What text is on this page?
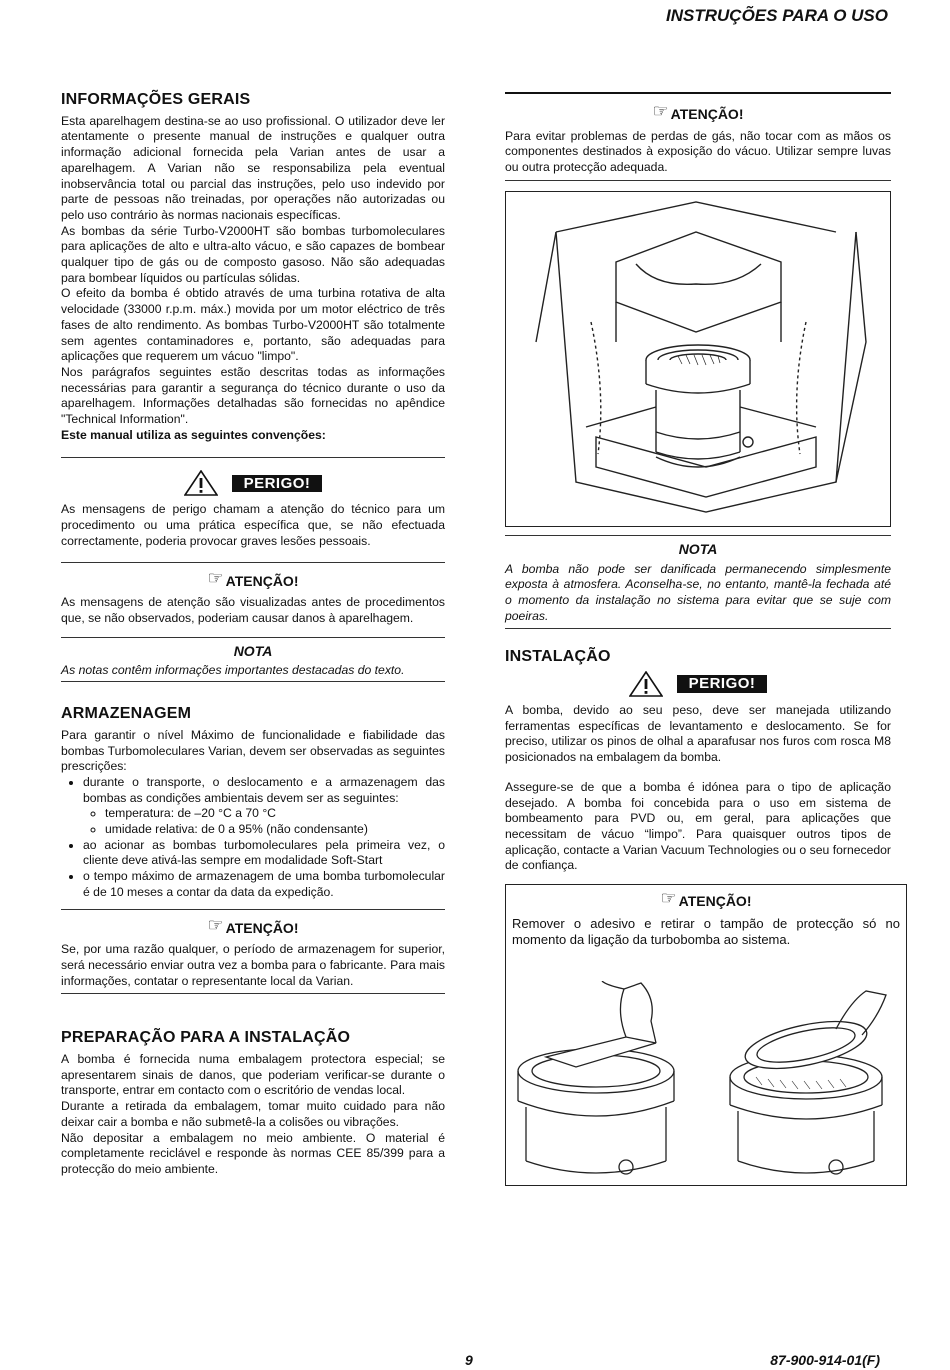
INSTRUÇÕES PARA O USO
INFORMAÇÕES GERAIS

Esta aparelhagem destina-se ao uso profissional. O utilizador deve ler atentamente o presente manual de instruções e qualquer outra informação adicional fornecida pela Varian antes de usar a aparelhagem. A Varian não se responsabiliza pela eventual inobservância total ou parcial das instruções, pelo uso indevido por parte de pessoas não treinadas, por operações não autorizadas ou pelo uso contrário às normas nacionais específicas.

As bombas da série Turbo-V2000HT são bombas turbomoleculares para aplicações de alto e ultra-alto vácuo, e são capazes de bombear qualquer tipo de gás ou de composto gasoso. Não são adequadas para bombear líquidos ou partículas sólidas.

O efeito da bomba é obtido através de uma turbina rotativa de alta velocidade (33000 r.p.m. máx.) movida por um motor eléctrico de três fases de alto rendimento. As bombas Turbo-V2000HT são totalmente sem agentes contaminadores e, portanto, são adequadas para aplicações que requerem um vácuo "limpo".

Nos parágrafos seguintes estão descritas todas as informações necessárias para garantir a segurança do técnico durante o uso da aparelhagem. Informações detalhadas são fornecidas no apêndice "Technical Information".

Este manual utiliza as seguintes convenções:

PERIGO!

As mensagens de perigo chamam a atenção do técnico para um procedimento ou uma prática específica que, se não efectuada correctamente, poderia provocar graves lesões pessoais.

☞ ATENÇÃO!

As mensagens de atenção são visualizadas antes de procedimentos que, se não observados, poderiam causar danos à aparelhagem.

NOTA

As notas contêm informações importantes destacadas do texto.

ARMAZENAGEM

Para garantir o nível Máximo de funcionalidade e fiabilidade das bombas Turbomoleculares Varian, devem ser observadas as seguintes prescrições:

• durante o transporte, o deslocamento e a armazenagem das bombas as condições ambientais devem ser as seguintes:
◦ temperatura: de –20 °C a 70 °C
◦ umidade relativa: de 0 a 95% (não condensante)
• ao acionar as bombas turbomoleculares pela primeira vez, o cliente deve ativá-las sempre em modalidade Soft-Start
• o tempo máximo de armazenagem de uma bomba turbomolecular é de 10 meses a contar da data da expedição.
☞ ATENÇÃO!

Se, por uma razão qualquer, o período de armazenagem for superior, será necessário enviar outra vez a bomba para o fabricante. Para mais informações, contatar o representante local da Varian.

PREPARAÇÃO PARA A INSTALAÇÃO

A bomba é fornecida numa embalagem protectora especial; se apresentarem sinais de danos, que poderiam verificar-se durante o transporte, entrar em contacto com o escritório de vendas local.

Durante a retirada da embalagem, tomar muito cuidado para não deixar cair a bomba e não submetê-la a colisões ou vibrações.

Não depositar a embalagem no meio ambiente. O material é completamente reciclável e responde às normas CEE 85/399 para a protecção do meio ambiente.

☞ ATENÇÃO!

Para evitar problemas de perdas de gás, não tocar com as mãos os componentes destinados à exposição do vácuo. Utilizar sempre luvas ou outra protecção adequada.

NOTA

A bomba não pode ser danificada permanecendo simplesmente exposta à atmosfera. Aconselha-se, no entanto, mantê-la fechada até o momento da instalação no sistema para evitar que se suje com poeiras.

INSTALAÇÃO
PERIGO!

A bomba, devido ao seu peso, deve ser manejada utilizando ferramentas específicas de levantamento e deslocamento. Se for preciso, utilizar os pinos de olhal a aparafusar nos furos com rosca M8 posicionados na embalagem da bomba.

Assegure-se de que a bomba é idónea para o tipo de aplicação desejado. A bomba foi concebida para o uso em sistema de bombeamento para PVD ou, em geral, para aplicações que necessitam de vácuo “limpo”. Para quaisquer outros tipos de aplicação, contacte a Varian Vacuum Technologies ou o seu fornecedor de confiança.

☞ ATENÇÃO!

Remover o adesivo e retirar o tampão de protecção só no momento da ligação da turbobomba ao sistema.

9	87-900-914-01(F)
